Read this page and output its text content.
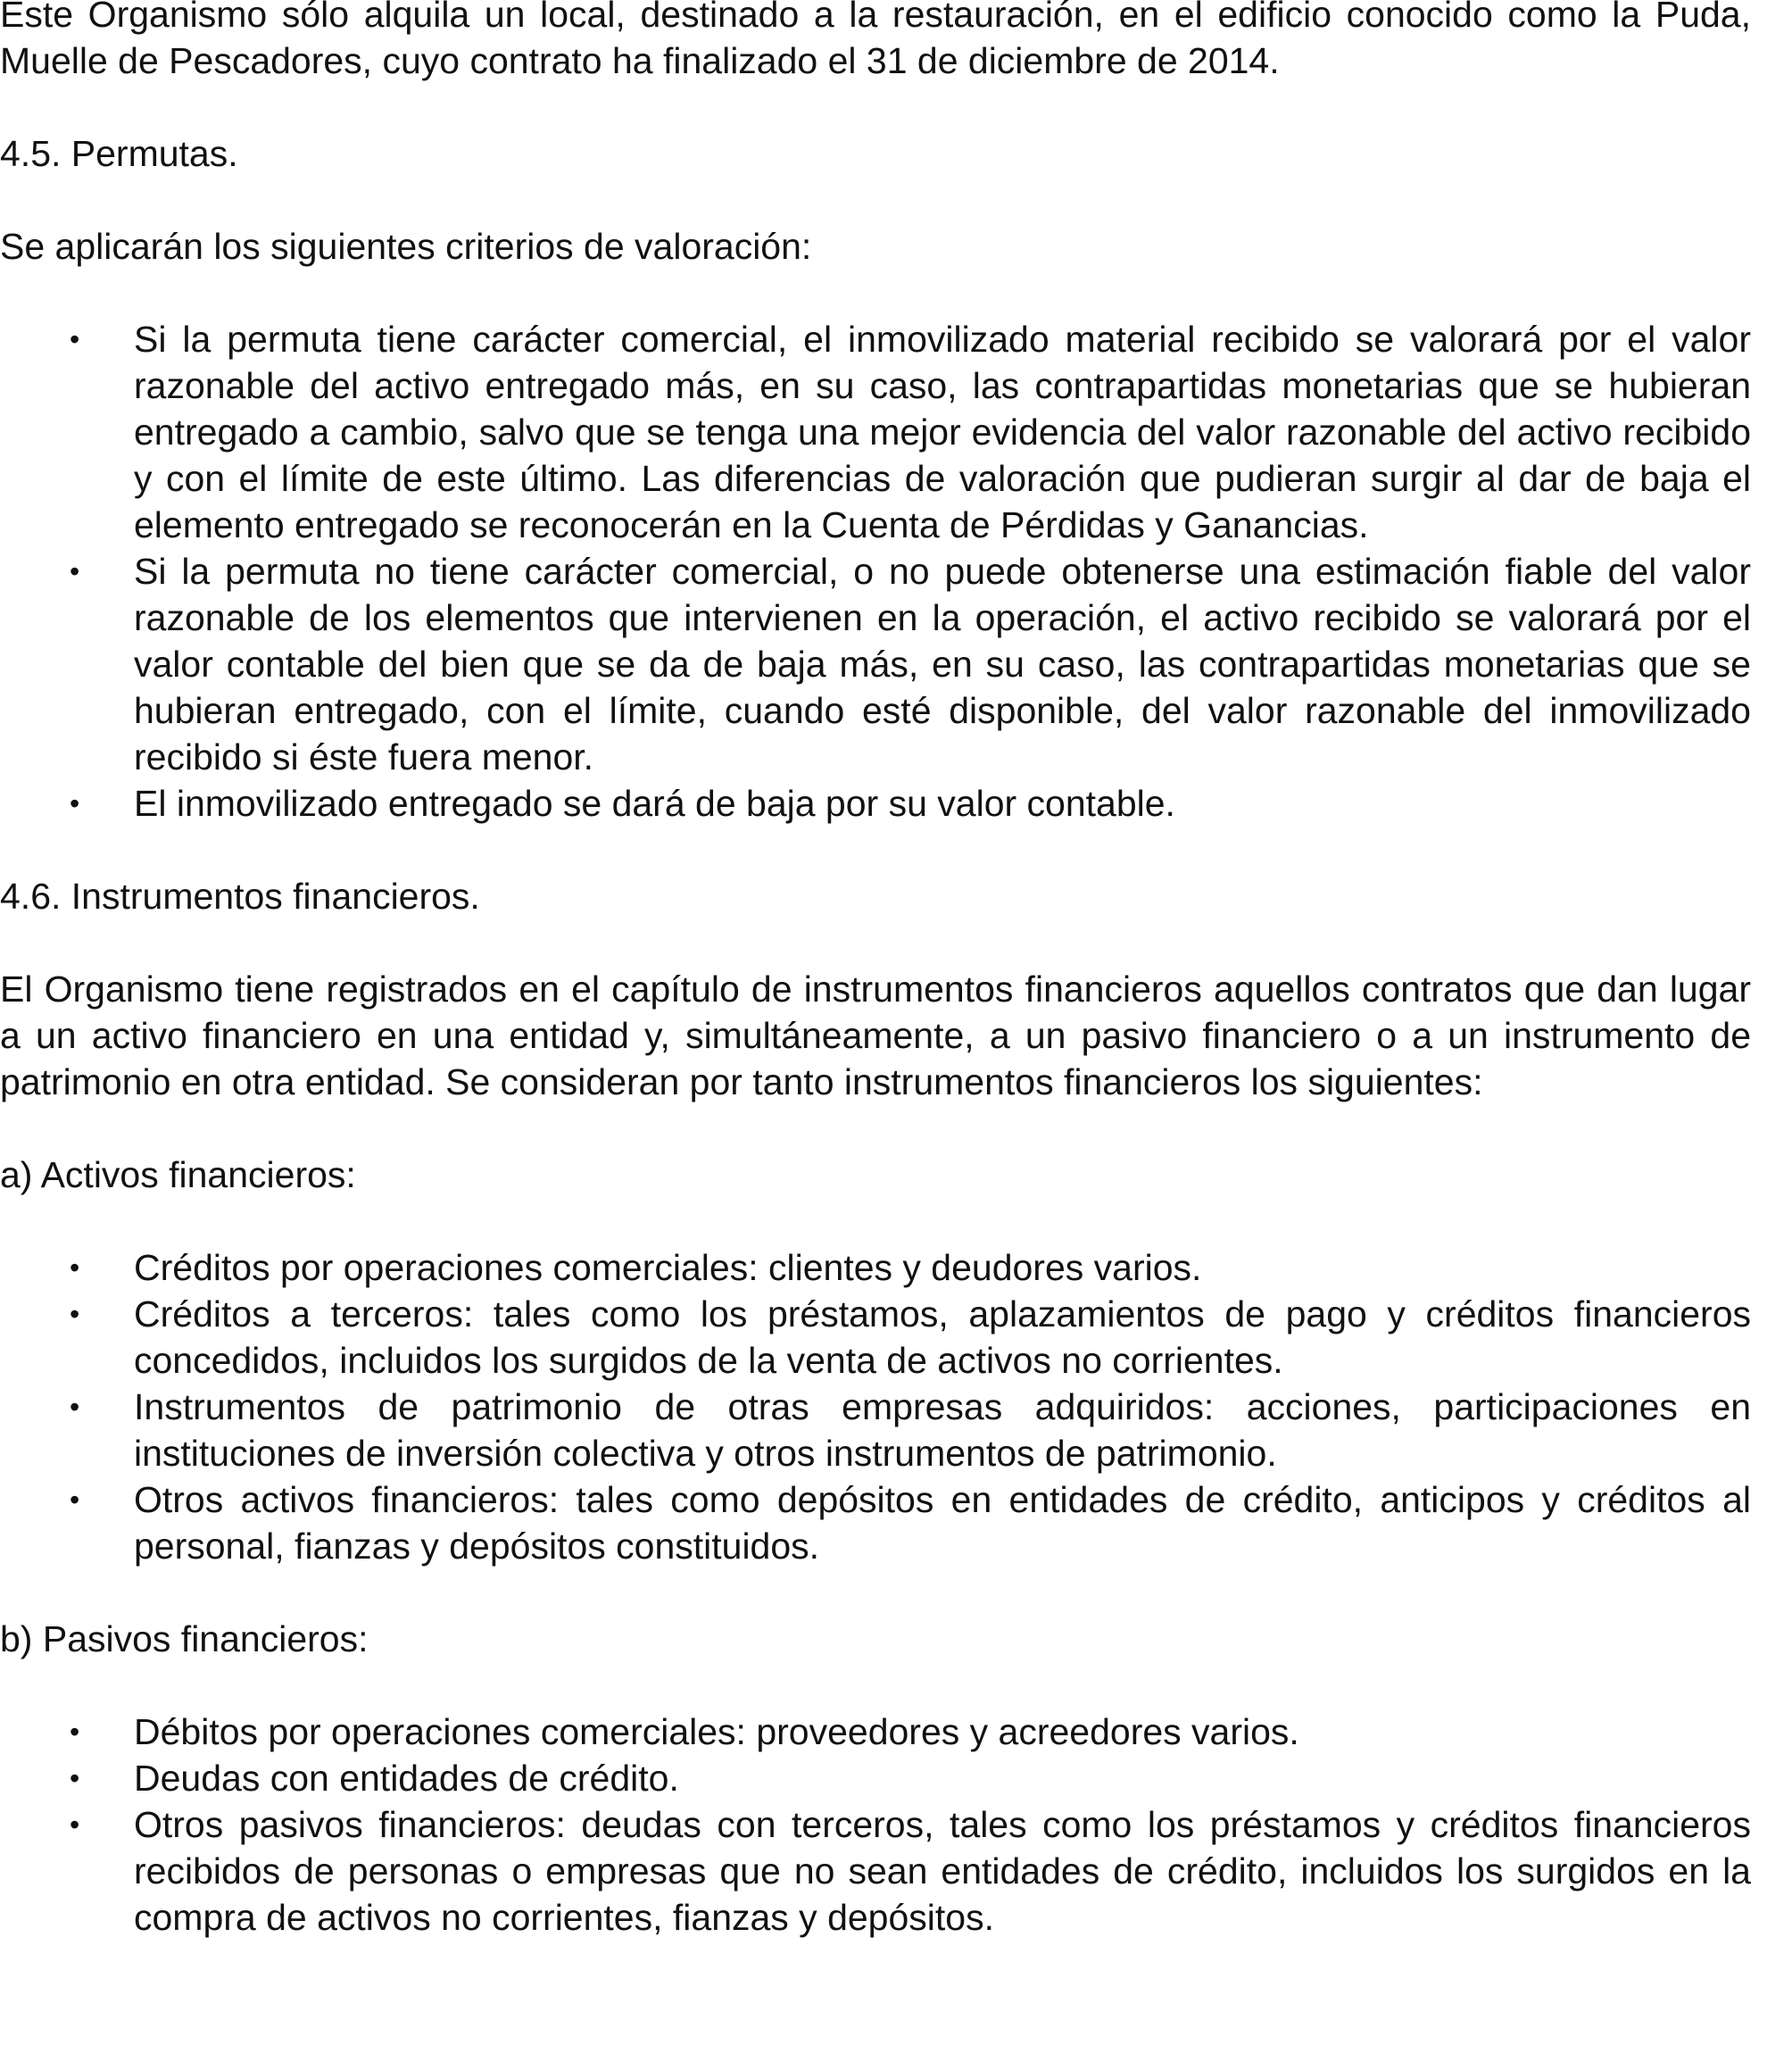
Este Organismo sólo alquila un local, destinado a la restauración, en el edificio conocido como la Puda, Muelle de Pescadores, cuyo contrato ha finalizado el 31 de diciembre de 2014.

4.5. Permutas.

Se aplicarán los siguientes criterios de valoración:

• Si la permuta tiene carácter comercial, el inmovilizado material recibido se valorará por el valor razonable del activo entregado más, en su caso, las contrapartidas monetarias que se hubieran entregado a cambio, salvo que se tenga una mejor evidencia del valor razonable del activo recibido y con el límite de este último. Las diferencias de valoración que pudieran surgir al dar de baja el elemento entregado se reconocerán en la Cuenta de Pérdidas y Ganancias.
• Si la permuta no tiene carácter comercial, o no puede obtenerse una estimación fiable del valor razonable de los elementos que intervienen en la operación, el activo recibido se valorará por el valor contable del bien que se da de baja más, en su caso, las contrapartidas monetarias que se hubieran entregado, con el límite, cuando esté disponible, del valor razonable del inmovilizado recibido si éste fuera menor.
• El inmovilizado entregado se dará de baja por su valor contable.

4.6. Instrumentos financieros.

El Organismo tiene registrados en el capítulo de instrumentos financieros aquellos contratos que dan lugar a un activo financiero en una entidad y, simultáneamente, a un pasivo financiero o a un instrumento de patrimonio en otra entidad. Se consideran por tanto instrumentos financieros los siguientes:

a) Activos financieros:

• Créditos por operaciones comerciales: clientes y deudores varios.
• Créditos a terceros: tales como los préstamos, aplazamientos de pago y créditos financieros concedidos, incluidos los surgidos de la venta de activos no corrientes.
• Instrumentos de patrimonio de otras empresas adquiridos: acciones, participaciones en instituciones de inversión colectiva y otros instrumentos de patrimonio.
• Otros activos financieros: tales como depósitos en entidades de crédito, anticipos y créditos al personal, fianzas y depósitos constituidos.

b) Pasivos financieros:

• Débitos por operaciones comerciales: proveedores y acreedores varios.
• Deudas con entidades de crédito.
• Otros pasivos financieros: deudas con terceros, tales como los préstamos y créditos financieros recibidos de personas o empresas que no sean entidades de crédito, incluidos los surgidos en la compra de activos no corrientes, fianzas y depósitos.
